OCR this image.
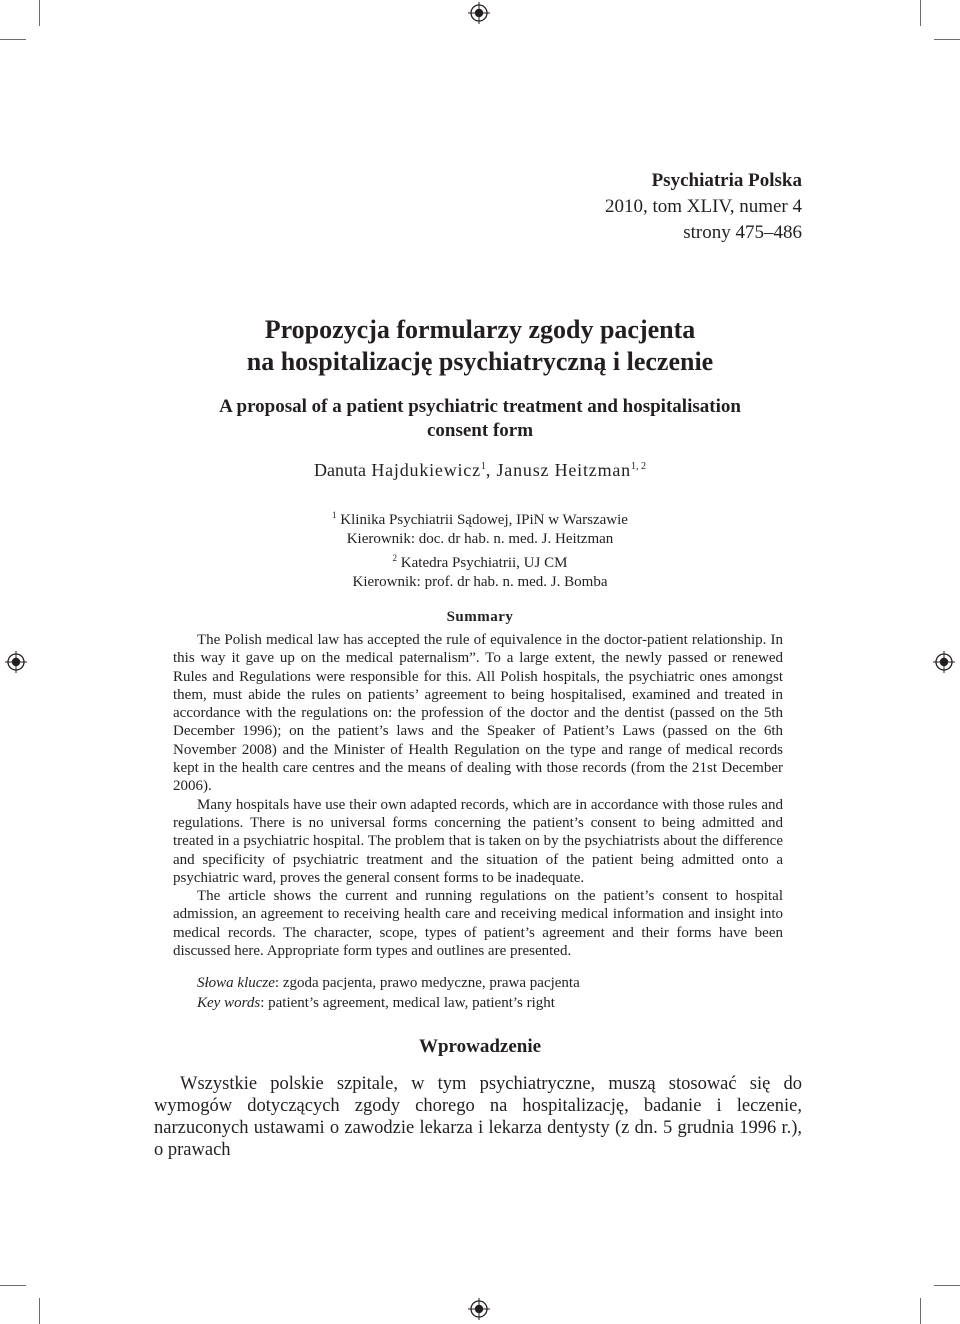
Psychiatria Polska
2010, tom XLIV, numer 4
strony 475–486
Propozycja formularzy zgody pacjenta
na hospitalizację psychiatryczną i leczenie
A proposal of a patient psychiatric treatment and hospitalisation
consent form
Danuta Hajdukiewicz$^1$, Janusz Heitzman$^{1, 2}$
$^1$ Klinika Psychiatrii Sądowej, IPiN w Warszawie
Kierownik: doc. dr hab. n. med. J. Heitzman
$^2$ Katedra Psychiatrii, UJ CM
Kierownik: prof. dr hab. n. med. J. Bomba
Summary

The Polish medical law has accepted the rule of equivalence in the doctor-patient relationship. In this way it gave up on the medical paternalism”. To a large extent, the newly passed or renewed Rules and Regulations were responsible for this. All Polish hospitals, the psychiatric ones amongst them, must abide the rules on patients’ agreement to being hospitalised, examined and treated in accordance with the regulations on: the profession of the doctor and the dentist (passed on the 5th December 1996); on the patient’s laws and the Speaker of Patient’s Laws (passed on the 6th November 2008) and the Minister of Health Regulation on the type and range of medical records kept in the health care centres and the means of dealing with those records (from the 21st December 2006).

Many hospitals have use their own adapted records, which are in accordance with those rules and regulations. There is no universal forms concerning the patient’s consent to being admitted and treated in a psychiatric hospital. The problem that is taken on by the psychiatrists about the difference and specificity of psychiatric treatment and the situation of the patient being admitted onto a psychiatric ward, proves the general consent forms to be inadequate.

The article shows the current and running regulations on the patient’s consent to hospital admission, an agreement to receiving health care and receiving medical information and insight into medical records. The character, scope, types of patient’s agreement and their forms have been discussed here. Appropriate form types and outlines are presented.

Słowa klucze: zgoda pacjenta, prawo medyczne, prawa pacjenta
Key words: patient’s agreement, medical law, patient’s right
Wprowadzenie

Wszystkie polskie szpitale, w tym psychiatryczne, muszą stosować się do wymogów dotyczących zgody chorego na hospitalizację, badanie i leczenie, narzuconych ustawami o zawodzie lekarza i lekarza dentysty (z dn. 5 grudnia 1996 r.), o prawach
